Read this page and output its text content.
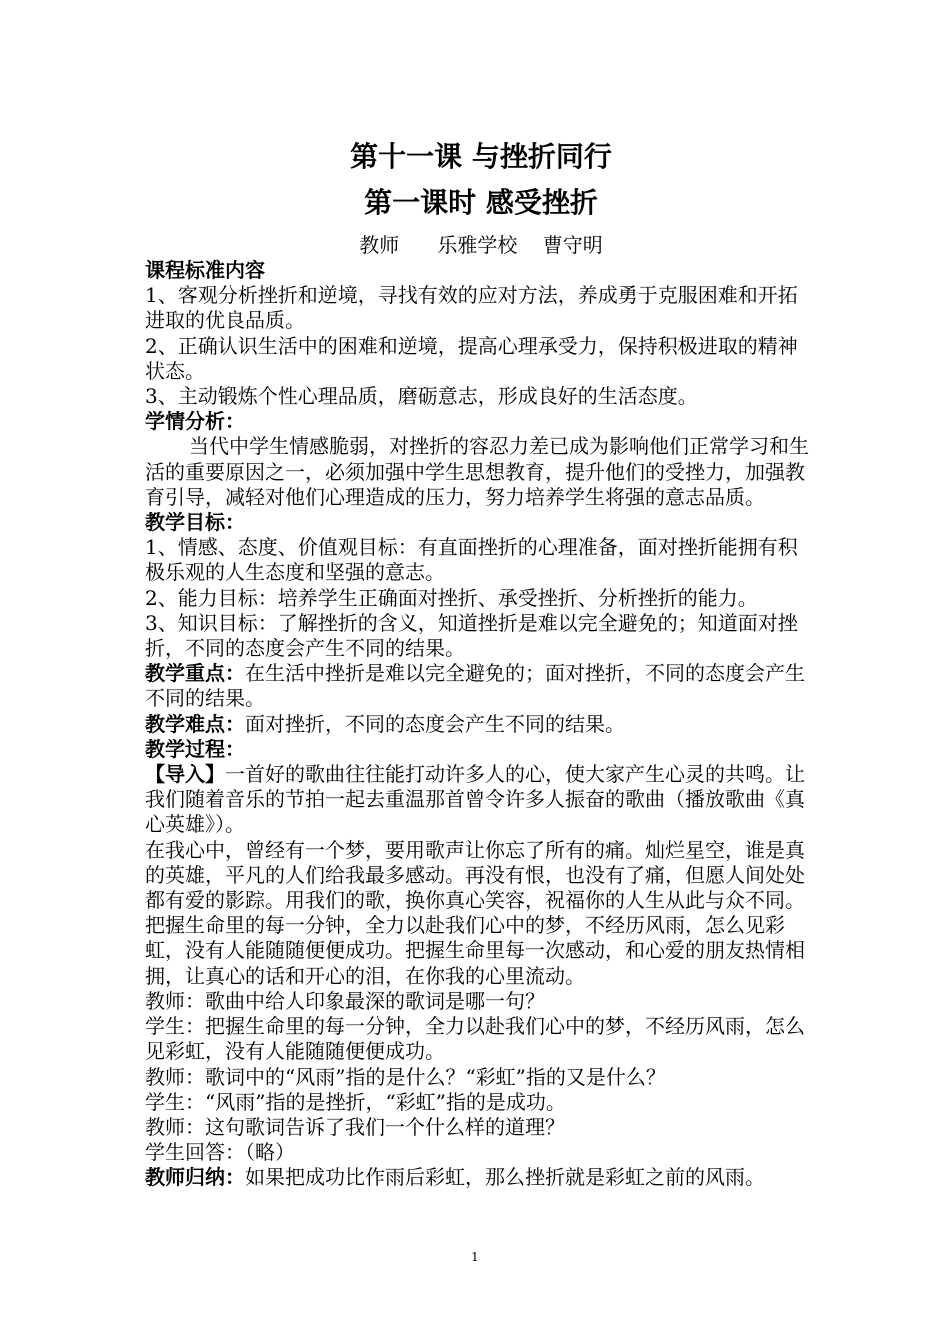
第十一课 与挫折同行
第一课时 感受挫折
教师      乐雅学校    曹守明

课程标准内容

1、客观分析挫折和逆境，寻找有效的应对方法，养成勇于克服困难和开拓进取的优良品质。

2、正确认识生活中的困难和逆境，提高心理承受力，保持积极进取的精神状态。

3、主动锻炼个性心理品质，磨砺意志，形成良好的生活态度。

学情分析：

当代中学生情感脆弱，对挫折的容忍力差已成为影响他们正常学习和生活的重要原因之一，必须加强中学生思想教育，提升他们的受挫力，加强教育引导，减轻对他们心理造成的压力，努力培养学生将强的意志品质。

教学目标：

1、情感、态度、价值观目标：有直面挫折的心理准备，面对挫折能拥有积极乐观的人生态度和坚强的意志。

2、能力目标：培养学生正确面对挫折、承受挫折、分析挫折的能力。

3、知识目标：了解挫折的含义，知道挫折是难以完全避免的；知道面对挫折，不同的态度会产生不同的结果。

教学重点：在生活中挫折是难以完全避免的；面对挫折，不同的态度会产生不同的结果。

教学难点：面对挫折，不同的态度会产生不同的结果。

教学过程：

【导入】一首好的歌曲往往能打动许多人的心，使大家产生心灵的共鸣。让我们随着音乐的节拍一起去重温那首曾令许多人振奋的歌曲（播放歌曲《真心英雄》）。

在我心中，曾经有一个梦，要用歌声让你忘了所有的痛。灿烂星空，谁是真的英雄，平凡的人们给我最多感动。再没有恨，也没有了痛，但愿人间处处都有爱的影踪。用我们的歌，换你真心笑容，祝福你的人生从此与众不同。把握生命里的每一分钟，全力以赴我们心中的梦，不经历风雨，怎么见彩虹，没有人能随随便便成功。把握生命里每一次感动，和心爱的朋友热情相拥，让真心的话和开心的泪，在你我的心里流动。

教师：歌曲中给人印象最深的歌词是哪一句？

学生：把握生命里的每一分钟，全力以赴我们心中的梦，不经历风雨，怎么见彩虹，没有人能随随便便成功。

教师：歌词中的“风雨”指的是什么？“彩虹”指的又是什么？

学生：“风雨”指的是挫折，“彩虹”指的是成功。

教师：这句歌词告诉了我们一个什么样的道理？

学生回答：（略）

教师归纳：如果把成功比作雨后彩虹，那么挫折就是彩虹之前的风雨。

1
